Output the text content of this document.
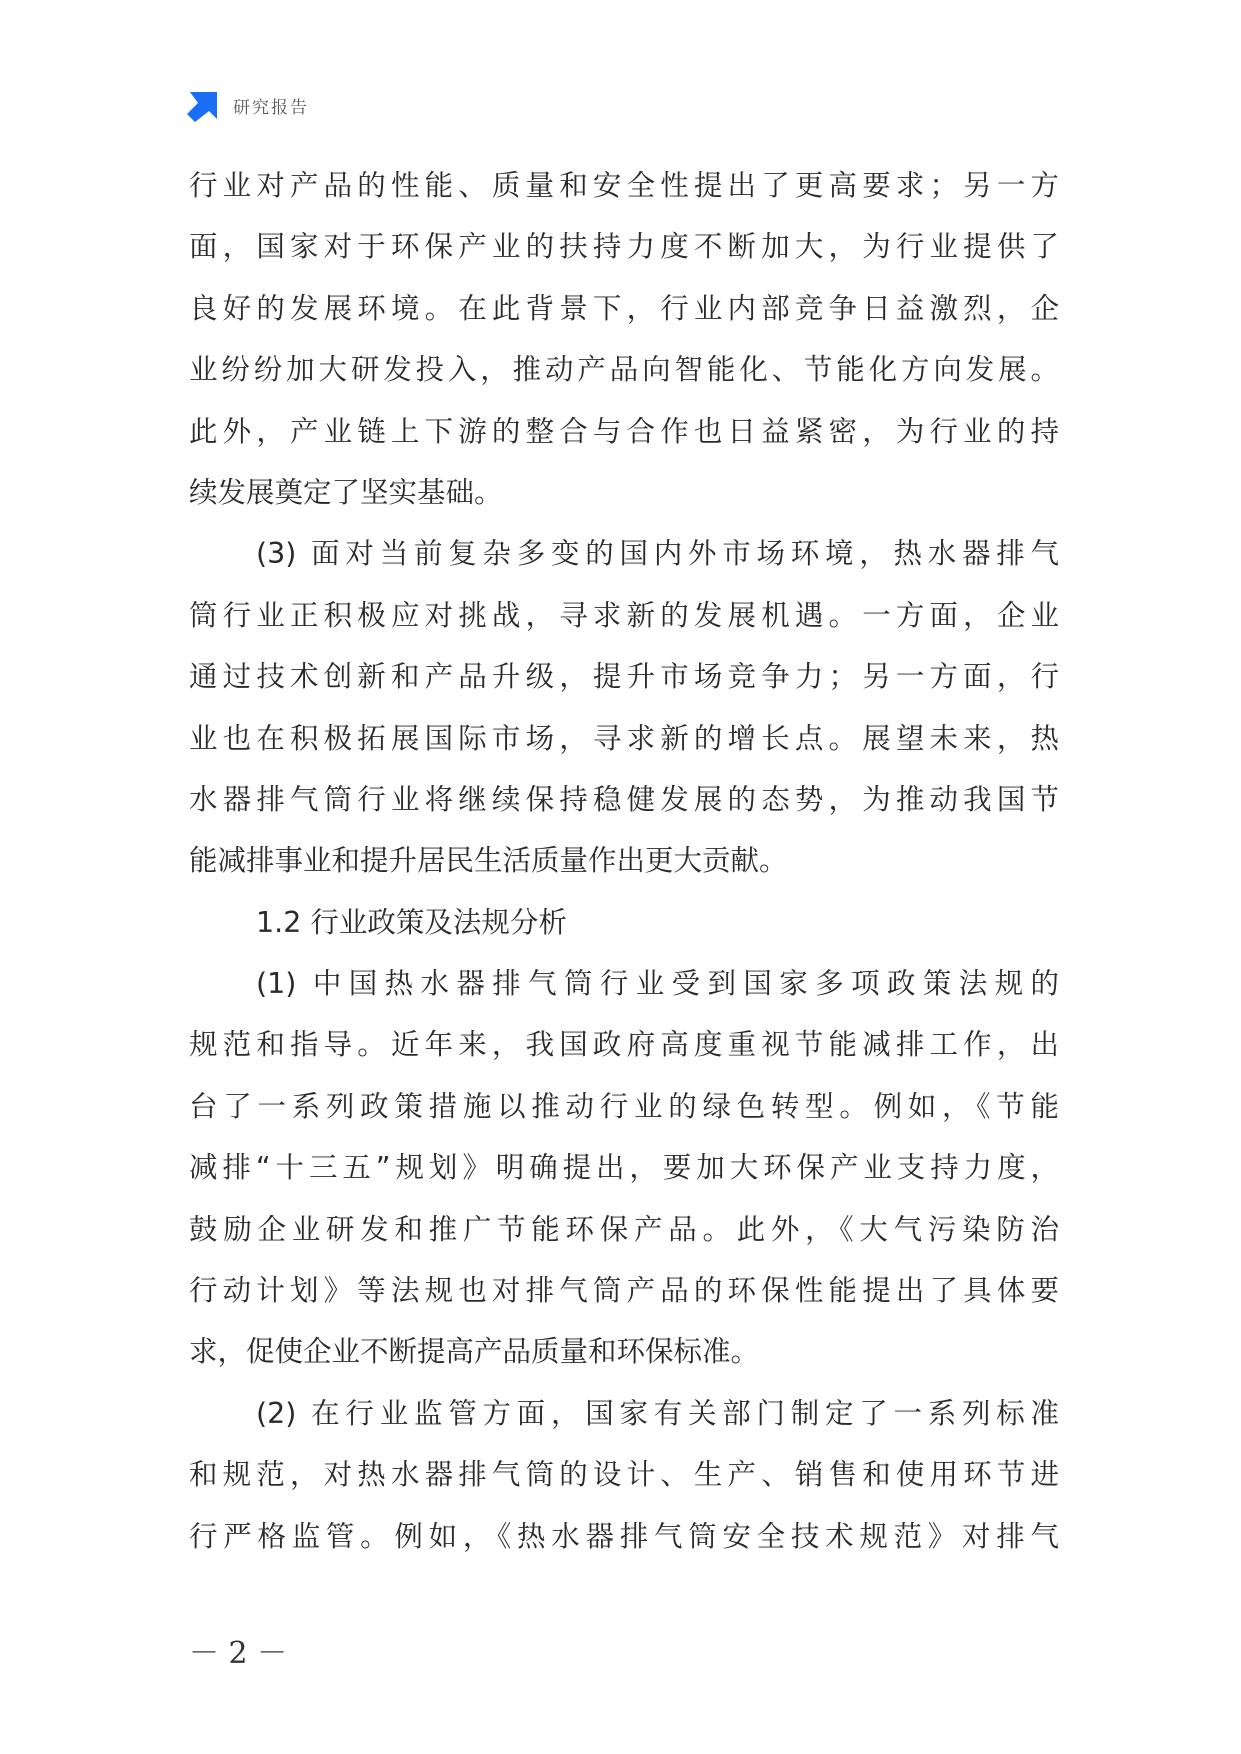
研究报告
行业对产品的性能、质量和安全性提出了更高要求；另一方
面，国家对于环保产业的扶持力度不断加大，为行业提供了
良好的发展环境。在此背景下，行业内部竞争日益激烈，企
业纷纷加大研发投入，推动产品向智能化、节能化方向发展。
此外，产业链上下游的整合与合作也日益紧密，为行业的持
续发展奠定了坚实基础。
(3) 面对当前复杂多变的国内外市场环境，热水器排气
筒行业正积极应对挑战，寻求新的发展机遇。一方面，企业
通过技术创新和产品升级，提升市场竞争力；另一方面，行
业也在积极拓展国际市场，寻求新的增长点。展望未来，热
水器排气筒行业将继续保持稳健发展的态势，为推动我国节
能减排事业和提升居民生活质量作出更大贡献。
1.2 行业政策及法规分析
(1) 中国热水器排气筒行业受到国家多项政策法规的
规范和指导。近年来，我国政府高度重视节能减排工作，出
台了一系列政策措施以推动行业的绿色转型。例如，《节能
减排“十三五”规划》明确提出，要加大环保产业支持力度，
鼓励企业研发和推广节能环保产品。此外，《大气污染防治
行动计划》等法规也对排气筒产品的环保性能提出了具体要
求，促使企业不断提高产品质量和环保标准。
(2) 在行业监管方面，国家有关部门制定了一系列标准
和规范，对热水器排气筒的设计、生产、销售和使用环节进
行严格监管。例如，《热水器排气筒安全技术规范》对排气
－ 2 －
